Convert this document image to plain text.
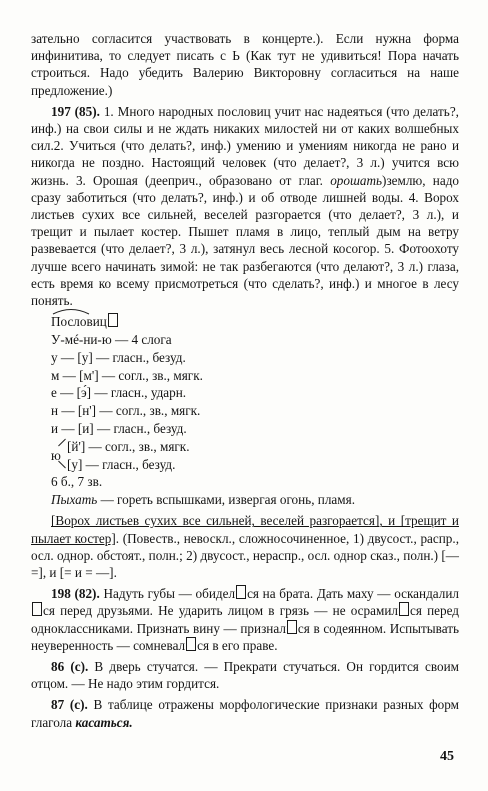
зательно согласится участвовать в концерте.). Если нужна форма инфинитива, то следует писать с Ь (Как тут не удивиться! Пора начать строиться. Надо убедить Валерию Викторовну согласиться на наше предложение.)

197 (85). 1. Много народных пословиц учит нас надеяться (что делать?, инф.) на свои силы и не ждать никаких милостей ни от каких волшебных сил.2. Учиться (что делать?, инф.) умению и умениям никогда не рано и никогда не поздно. Настоящий человек (что делает?, 3 л.) учится всю жизнь. 3. Орошая (дееприч., образовано от глаг. орошать)землю, надо сразу заботиться (что делать?, инф.) и об отводе лишней воды. 4. Ворох листьев сухих все сильней, веселей разгорается (что делает?, 3 л.), и трещит и пылает костер. Пышет пламя в лицо, теплый дым на ветру развевается (что делает?, 3 л.), затянул весь лесной косогор. 5. Фотоохоту лучше всего начинать зимой: не так разбегаются (что делают?, 3 л.) глаза, есть время ко всему присмотреться (что сделать?, инф.) и многое в лесу понять.

Пословиц
У-мé-ни-ю — 4 слога
у — [у] — гласн., безуд.
м — [м'] — согл., зв., мягк.
е — [э́] — гласн., ударн.
н — [н'] — согл., зв., мягк.
и — [и] — гласн., безуд.
ю
[й'] — согл., зв., мягк.
[у] — гласн., безуд.
6 б., 7 зв.

Пыхать — гореть вспышками, извергая огонь, пламя.

[Ворох листьев сухих все сильней, веселей разгорается], и [трещит и пылает костер]. (Повеств., невоскл., сложносочиненное, 1) двусост., распр., осл. однор. обстоят., полн.; 2) двусост., нераспр., осл. однор сказ., полн.) [— =], и [= и = —].

198 (82). Надуть губы — обидел ся на брата. Дать маху — оскандалился перед друзьями. Не ударить лицом в грязь — не осрамил ся перед одноклассниками. Признать вину — признал ся в содеянном. Испытывать неуверенность — сомневал ся в его праве.

86 (с). В дверь стучатся. — Прекрати стучаться. Он гордится своим отцом. — Не надо этим гордится.

87 (с). В таблице отражены морфологические признаки разных форм глагола касаться.

45
